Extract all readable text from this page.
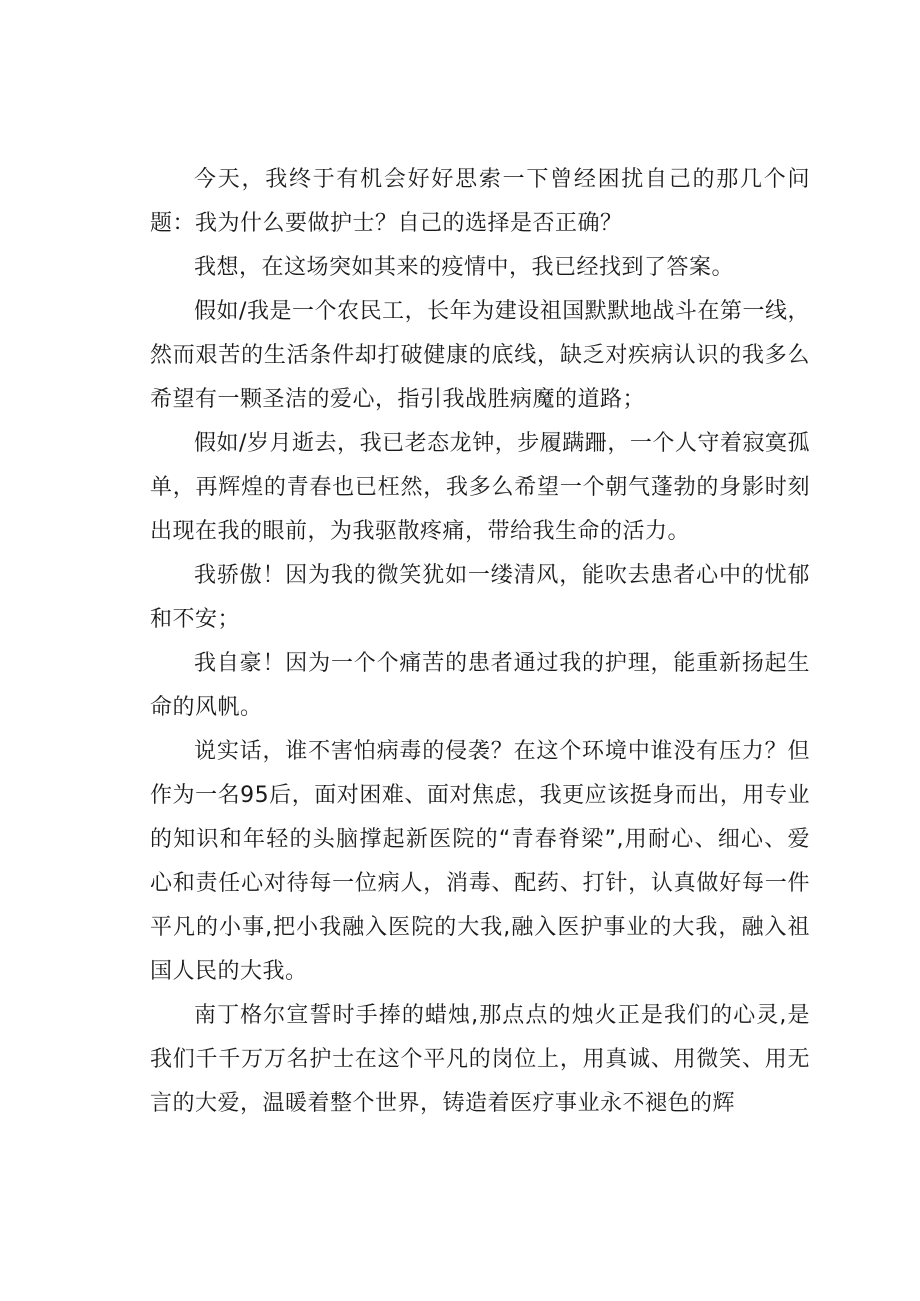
今天，我终于有机会好好思索一下曾经困扰自己的那几个问题：我为什么要做护士？自己的选择是否正确？

我想，在这场突如其来的疫情中，我已经找到了答案。

假如/我是一个农民工，长年为建设祖国默默地战斗在第一线，然而艰苦的生活条件却打破健康的底线，缺乏对疾病认识的我多么希望有一颗圣洁的爱心，指引我战胜病魔的道路；

假如/岁月逝去，我已老态龙钟，步履蹒跚，一个人守着寂寞孤单，再辉煌的青春也已枉然，我多么希望一个朝气蓬勃的身影时刻出现在我的眼前，为我驱散疼痛，带给我生命的活力。

我骄傲！因为我的微笑犹如一缕清风，能吹去患者心中的忧郁和不安；

我自豪！因为一个个痛苦的患者通过我的护理，能重新扬起生命的风帆。

说实话，谁不害怕病毒的侵袭？在这个环境中谁没有压力？但作为一名95后，面对困难、面对焦虑，我更应该挺身而出，用专业的知识和年轻的头脑撑起新医院的“青春脊梁”,用耐心、细心、爱心和责任心对待每一位病人，消毒、配药、打针，认真做好每一件平凡的小事,把小我融入医院的大我,融入医护事业的大我，融入祖国人民的大我。

南丁格尔宣誓时手捧的蜡烛,那点点的烛火正是我们的心灵,是我们千千万万名护士在这个平凡的岗位上，用真诚、用微笑、用无言的大爱，温暖着整个世界，铸造着医疗事业永不褪色的辉
